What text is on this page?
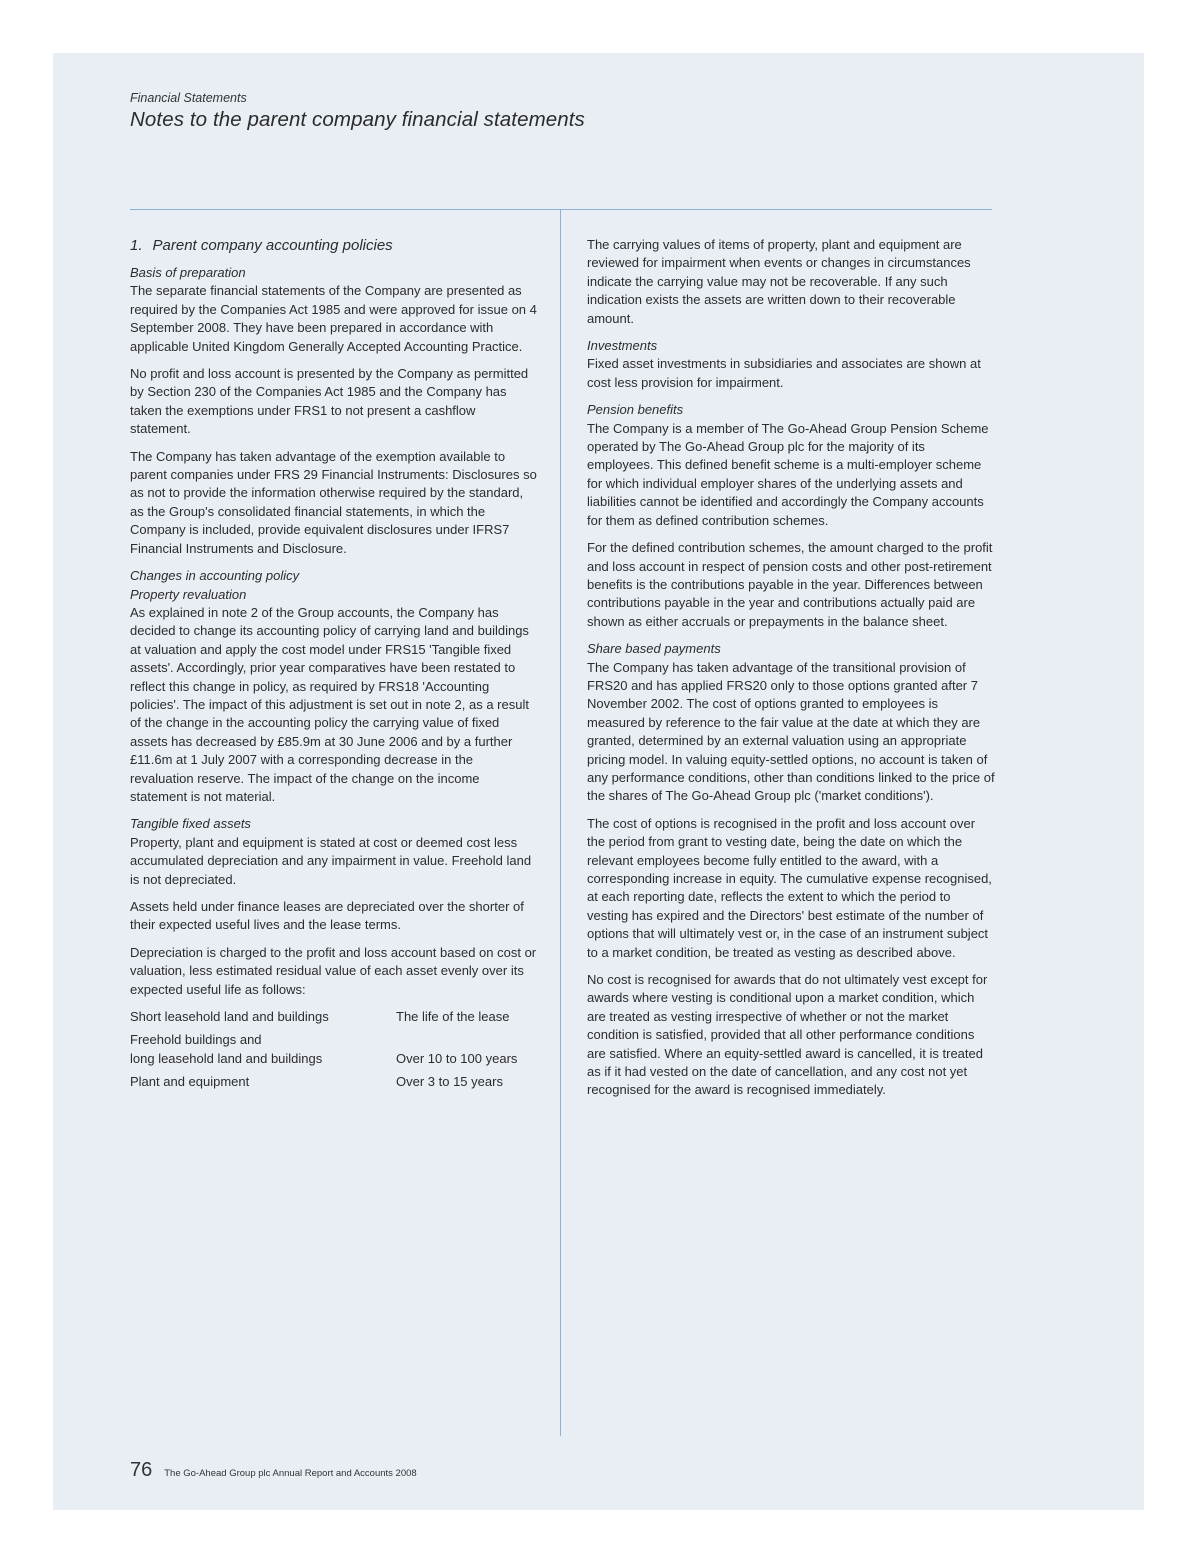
Financial Statements
Notes to the parent company financial statements
1. Parent company accounting policies
Basis of preparation

The separate financial statements of the Company are presented as required by the Companies Act 1985 and were approved for issue on 4 September 2008. They have been prepared in accordance with applicable United Kingdom Generally Accepted Accounting Practice.

No profit and loss account is presented by the Company as permitted by Section 230 of the Companies Act 1985 and the Company has taken the exemptions under FRS1 to not present a cashflow statement.

The Company has taken advantage of the exemption available to parent companies under FRS 29 Financial Instruments: Disclosures so as not to provide the information otherwise required by the standard, as the Group's consolidated financial statements, in which the Company is included, provide equivalent disclosures under IFRS7 Financial Instruments and Disclosure.

Changes in accounting policy
Property revaluation

As explained in note 2 of the Group accounts, the Company has decided to change its accounting policy of carrying land and buildings at valuation and apply the cost model under FRS15 'Tangible fixed assets'. Accordingly, prior year comparatives have been restated to reflect this change in policy, as required by FRS18 'Accounting policies'. The impact of this adjustment is set out in note 2, as a result of the change in the accounting policy the carrying value of fixed assets has decreased by £85.9m at 30 June 2006 and by a further £11.6m at 1 July 2007 with a corresponding decrease in the revaluation reserve. The impact of the change on the income statement is not material.

Tangible fixed assets

Property, plant and equipment is stated at cost or deemed cost less accumulated depreciation and any impairment in value. Freehold land is not depreciated.

Assets held under finance leases are depreciated over the shorter of their expected useful lives and the lease terms.

Depreciation is charged to the profit and loss account based on cost or valuation, less estimated residual value of each asset evenly over its expected useful life as follows:

Short leasehold land and buildings	The life of the lease

Freehold buildings and
long leasehold land and buildings	Over 10 to 100 years
Plant and equipment	Over 3 to 15 years

The carrying values of items of property, plant and equipment are reviewed for impairment when events or changes in circumstances indicate the carrying value may not be recoverable. If any such indication exists the assets are written down to their recoverable amount.

Investments

Fixed asset investments in subsidiaries and associates are shown at cost less provision for impairment.

Pension benefits

The Company is a member of The Go-Ahead Group Pension Scheme operated by The Go-Ahead Group plc for the majority of its employees. This defined benefit scheme is a multi-employer scheme for which individual employer shares of the underlying assets and liabilities cannot be identified and accordingly the Company accounts for them as defined contribution schemes.

For the defined contribution schemes, the amount charged to the profit and loss account in respect of pension costs and other post-retirement benefits is the contributions payable in the year. Differences between contributions payable in the year and contributions actually paid are shown as either accruals or prepayments in the balance sheet.

Share based payments

The Company has taken advantage of the transitional provision of FRS20 and has applied FRS20 only to those options granted after 7 November 2002. The cost of options granted to employees is measured by reference to the fair value at the date at which they are granted, determined by an external valuation using an appropriate pricing model. In valuing equity-settled options, no account is taken of any performance conditions, other than conditions linked to the price of the shares of The Go-Ahead Group plc ('market conditions').

The cost of options is recognised in the profit and loss account over the period from grant to vesting date, being the date on which the relevant employees become fully entitled to the award, with a corresponding increase in equity. The cumulative expense recognised, at each reporting date, reflects the extent to which the period to vesting has expired and the Directors' best estimate of the number of options that will ultimately vest or, in the case of an instrument subject to a market condition, be treated as vesting as described above.

No cost is recognised for awards that do not ultimately vest except for awards where vesting is conditional upon a market condition, which are treated as vesting irrespective of whether or not the market condition is satisfied, provided that all other performance conditions are satisfied. Where an equity-settled award is cancelled, it is treated as if it had vested on the date of cancellation, and any cost not yet recognised for the award is recognised immediately.

76 The Go-Ahead Group plc Annual Report and Accounts 2008
